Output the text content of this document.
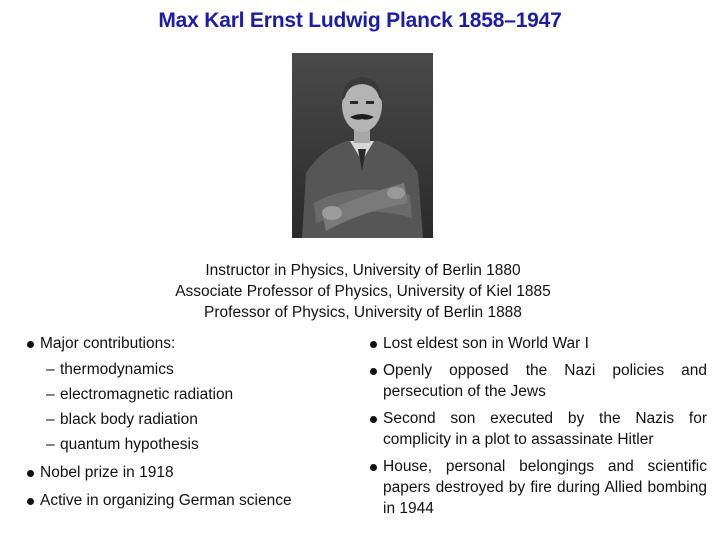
Max Karl Ernst Ludwig Planck 1858–1947
Instructor in Physics, University of Berlin 1880
Associate Professor of Physics, University of Kiel 1885
Professor of Physics, University of Berlin 1888
Major contributions:
– thermodynamics
– electromagnetic radiation
– black body radiation
– quantum hypothesis
Nobel prize in 1918
Active in organizing German science
Lost eldest son in World War I
Openly opposed the Nazi policies and persecution of the Jews
Second son executed by the Nazis for complicity in a plot to assassinate Hitler
House, personal belongings and scientific papers destroyed by fire during Allied bombing in 1944
